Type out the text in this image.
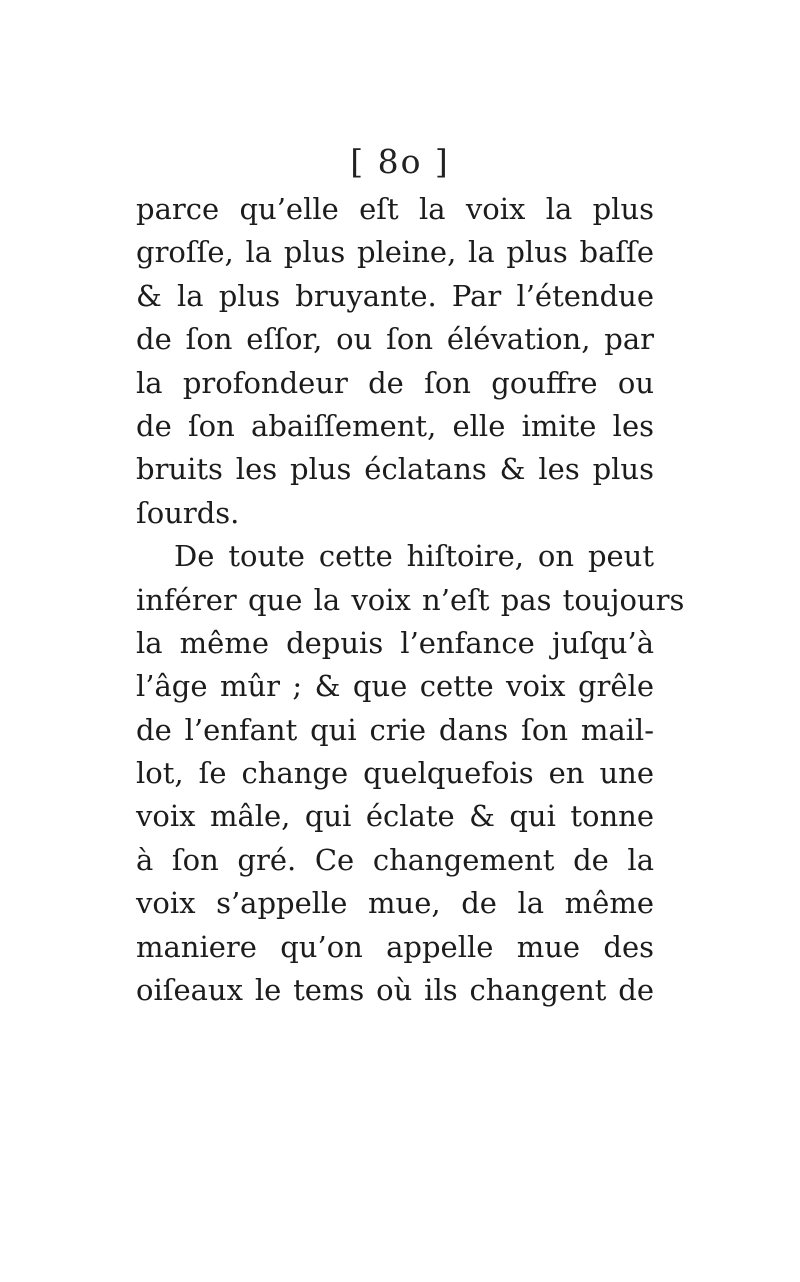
[ 8o ]
parce qu’elle eſt la voix la plus
groſſe, la plus pleine, la plus baſſe
& la plus bruyante. Par l’étendue
de ſon eſſor, ou ſon élévation, par
la profondeur de ſon gouffre ou
de ſon abaiſſement, elle imite les
bruits les plus éclatans & les plus
ſourds.
De toute cette hiſtoire, on peut
inférer que la voix n’eſt pas toujours
la même depuis l’enfance juſqu’à
l’âge mûr ; & que cette voix grêle
de l’enfant qui crie dans ſon mail-
lot, ſe change quelquefois en une
voix mâle, qui éclate & qui tonne
à ſon gré. Ce changement de la
voix s’appelle mue, de la même
maniere qu’on appelle mue des
oiſeaux le tems où ils changent de
